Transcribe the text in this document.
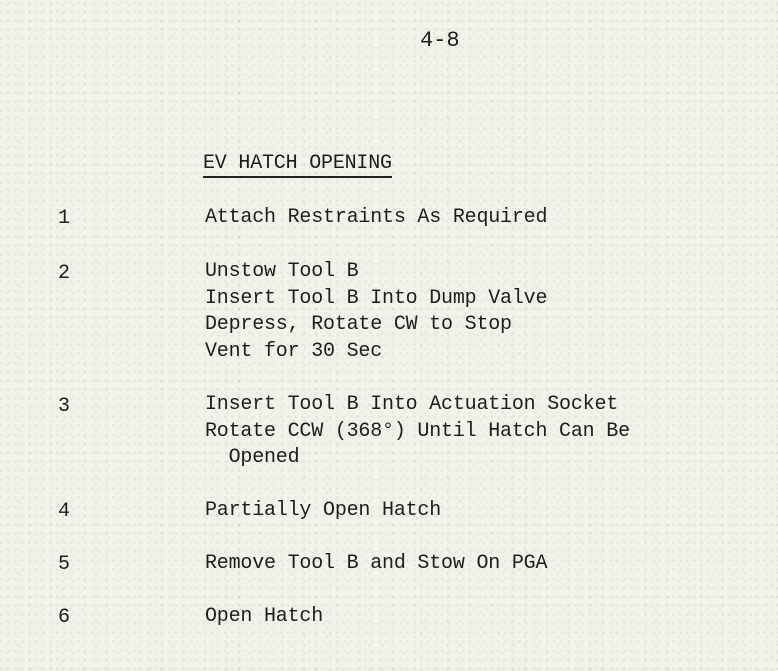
4-8
EV HATCH OPENING
1	Attach Restraints As Required
2	Unstow Tool B
Insert Tool B Into Dump Valve
Depress, Rotate CW to Stop
Vent for 30 Sec
3	Insert Tool B Into Actuation Socket
Rotate CCW (368°) Until Hatch Can Be
Opened
4	Partially Open Hatch
5	Remove Tool B and Stow On PGA
6	Open Hatch
